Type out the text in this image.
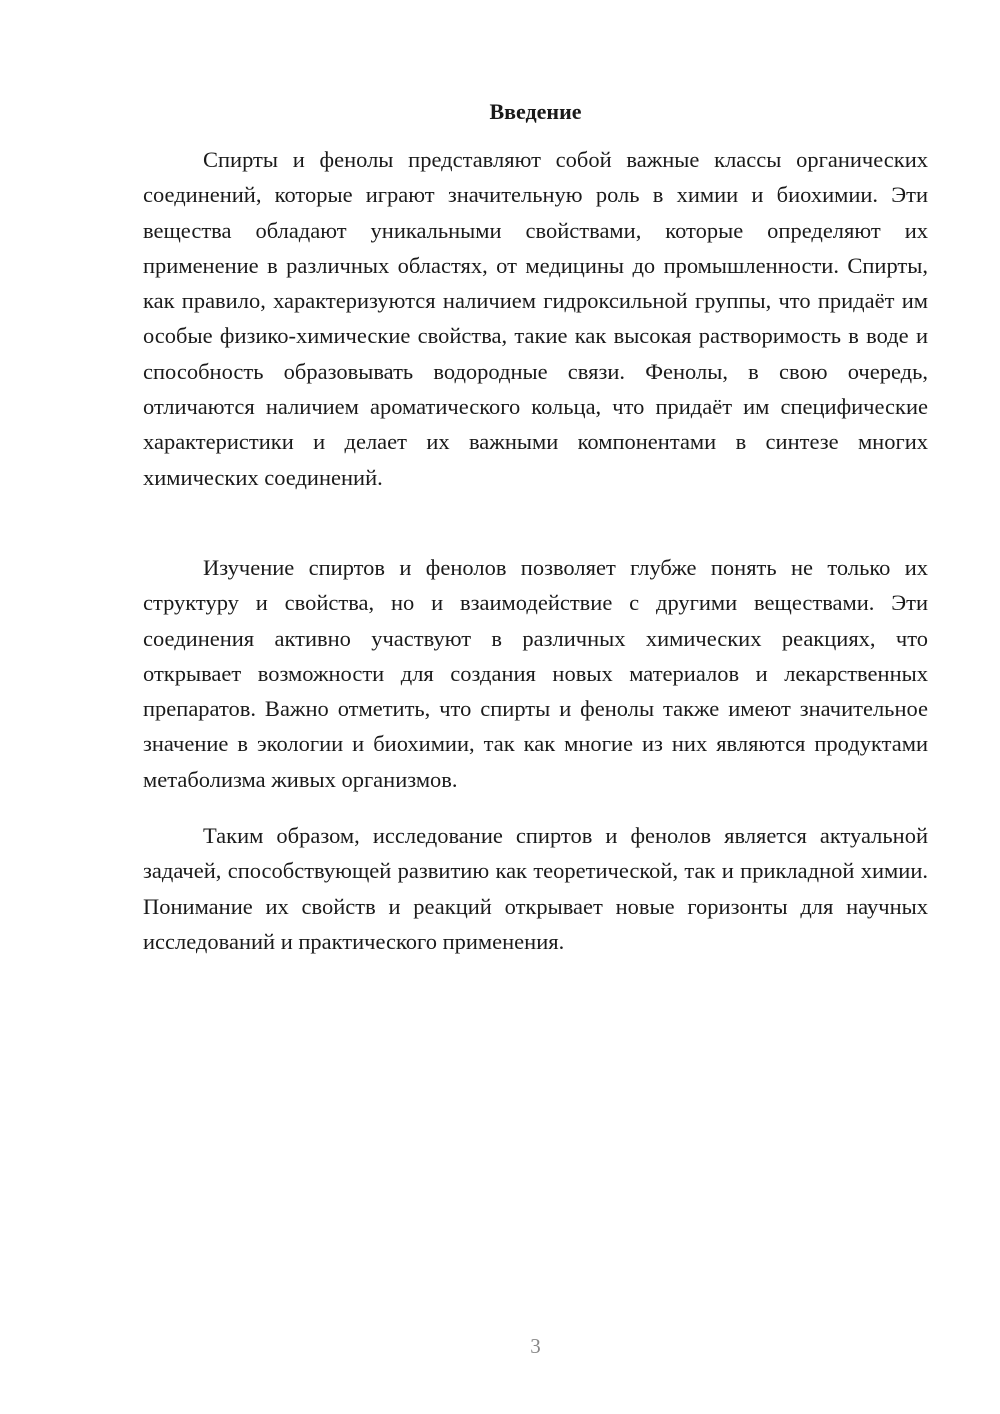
Введение

Спирты и фенолы представляют собой важные классы органических соединений, которые играют значительную роль в химии и биохимии. Эти вещества обладают уникальными свойствами, которые определяют их применение в различных областях, от медицины до промышленности. Спирты, как правило, характеризуются наличием гидроксильной группы, что придаёт им особые физико-химические свойства, такие как высокая растворимость в воде и способность образовывать водородные связи. Фенолы, в свою очередь, отличаются наличием ароматического кольца, что придаёт им специфические характеристики и делает их важными компонентами в синтезе многих химических соединений.

Изучение спиртов и фенолов позволяет глубже понять не только их структуру и свойства, но и взаимодействие с другими веществами. Эти соединения активно участвуют в различных химических реакциях, что открывает возможности для создания новых материалов и лекарственных препаратов. Важно отметить, что спирты и фенолы также имеют значительное значение в экологии и биохимии, так как многие из них являются продуктами метаболизма живых организмов.

Таким образом, исследование спиртов и фенолов является актуальной задачей, способствующей развитию как теоретической, так и прикладной химии. Понимание их свойств и реакций открывает новые горизонты для научных исследований и практического применения.

3
